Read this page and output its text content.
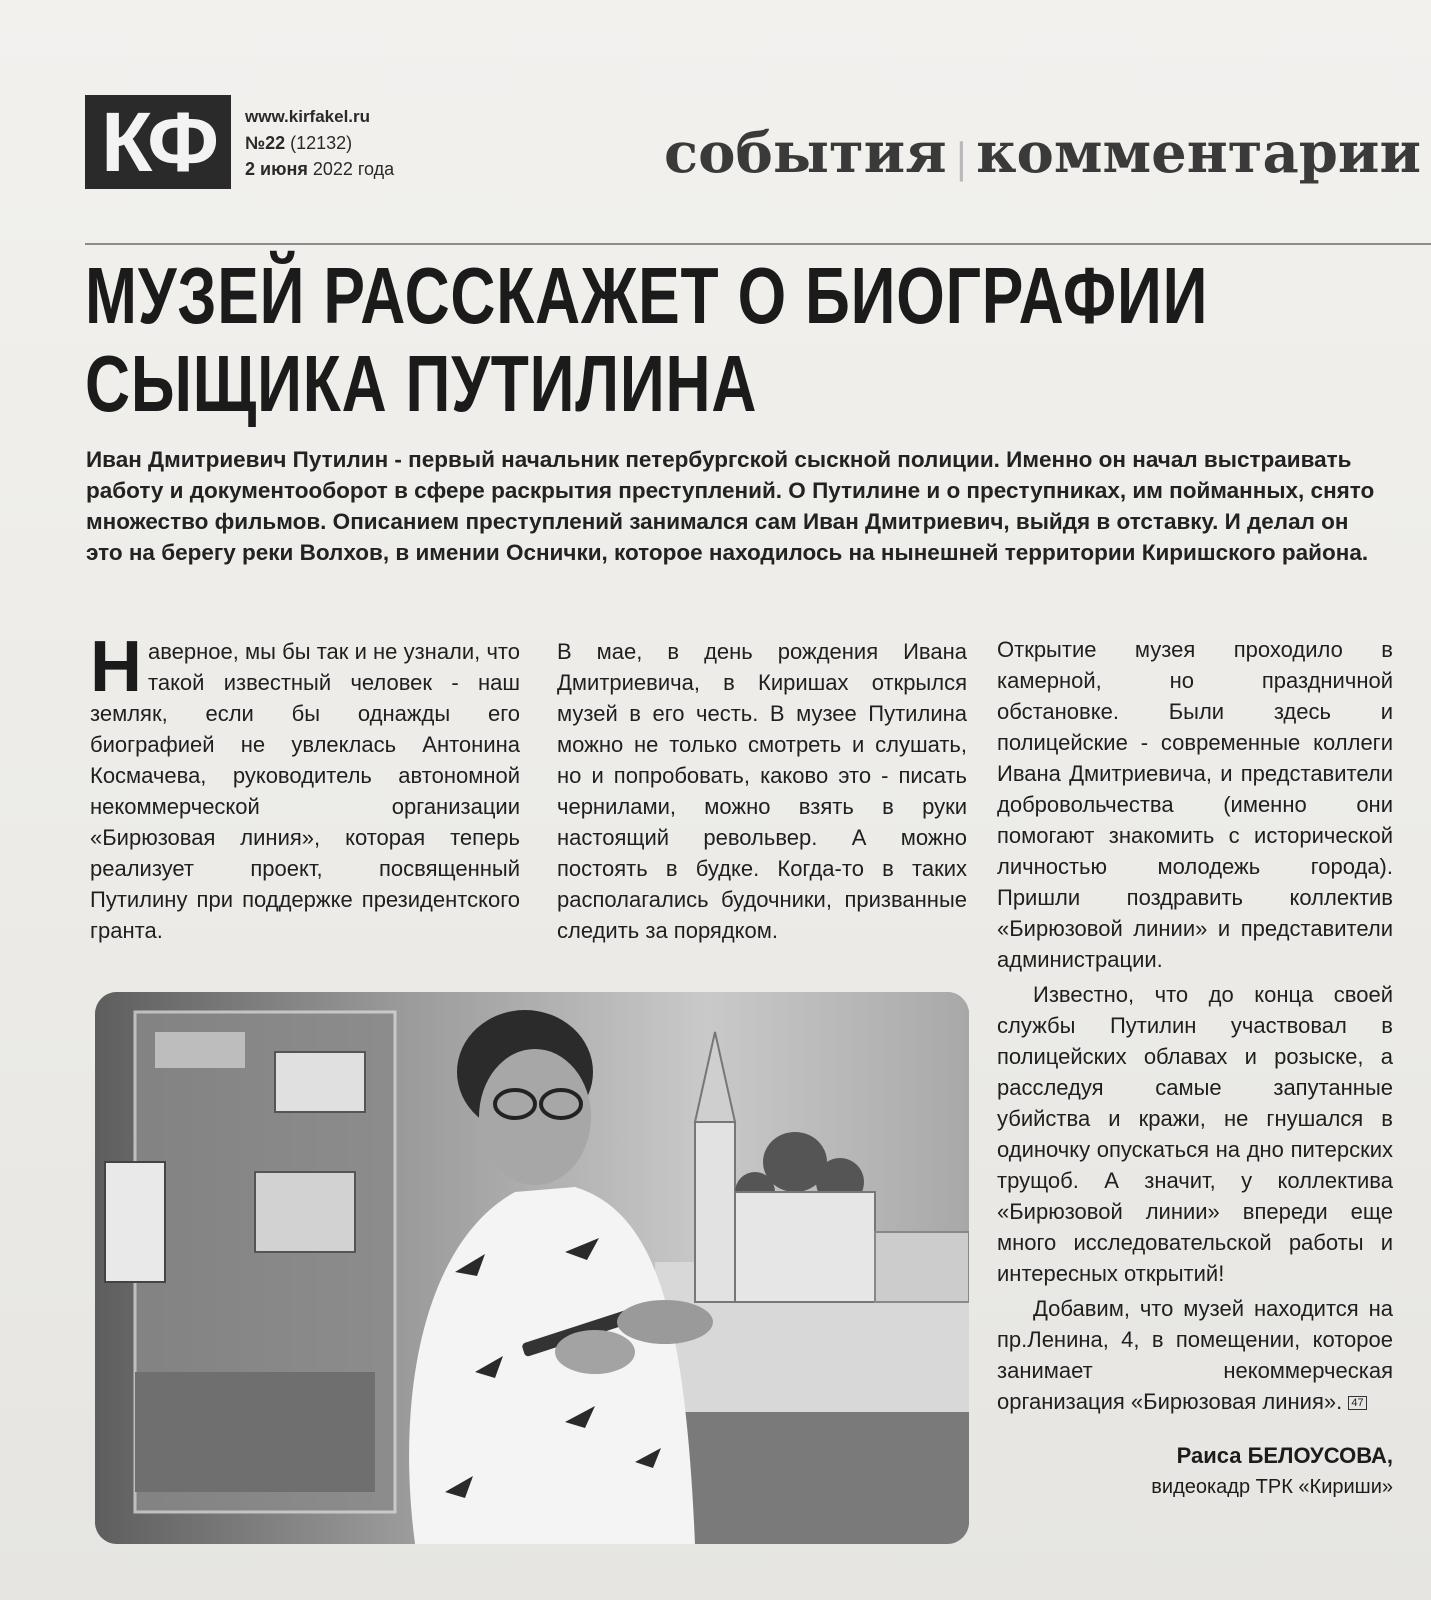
КФ	www.kirfakel.ru
№22 (12132)
2 июня 2022 года	события | комментарии
МУЗЕЙ РАССКАЖЕТ О БИОГРАФИИ
СЫЩИКА ПУТИЛИНА
Иван Дмитриевич Путилин - первый начальник петербургской сыскной полиции. Именно он начал выстраивать работу и документооборот в сфере раскрытия преступлений. О Путилине и о преступниках, им пойманных, снято множество фильмов. Описанием преступлений занимался сам Иван Дмитриевич, выйдя в отставку. И делал он это на берегу реки Волхов, в имении Оснички, которое находилось на нынешней территории Киришского района.
Наверное, мы бы так и не узнали, что такой известный человек - наш земляк, если бы однажды его биографией не увлеклась Антонина Космачева, руководитель автономной некоммерческой организации «Бирюзовая линия», которая теперь реализует проект, посвященный Путилину при поддержке президентского гранта.

В мае, в день рождения Ивана Дмитриевича, в Киришах открылся музей в его честь. В музее Путилина можно не только смотреть и слушать, но и попробовать, каково это - писать чернилами, можно взять в руки настоящий револьвер. А можно постоять в будке. Когда-то в таких располагались будочники, призванные следить за порядком.

Открытие музея проходило в камерной, но праздничной обстановке. Были здесь и полицейские - современные коллеги Ивана Дмитриевича, и представители добровольчества (именно они помогают знакомить с исторической личностью молодежь города). Пришли поздравить коллектив «Бирюзовой линии» и представители администрации.

Известно, что до конца своей службы Путилин участвовал в полицейских облавах и розыске, а расследуя самые запутанные убийства и кражи, не гнушался в одиночку опускаться на дно питерских трущоб. А значит, у коллектива «Бирюзовой линии» впереди еще много исследовательской работы и интересных открытий!

Добавим, что музей находится на пр.Ленина, 4, в помещении, которое занимает некоммерческая организация «Бирюзовая линия». 47

Раиса БЕЛОУСОВА,
видеокадр ТРК «Кириши»
